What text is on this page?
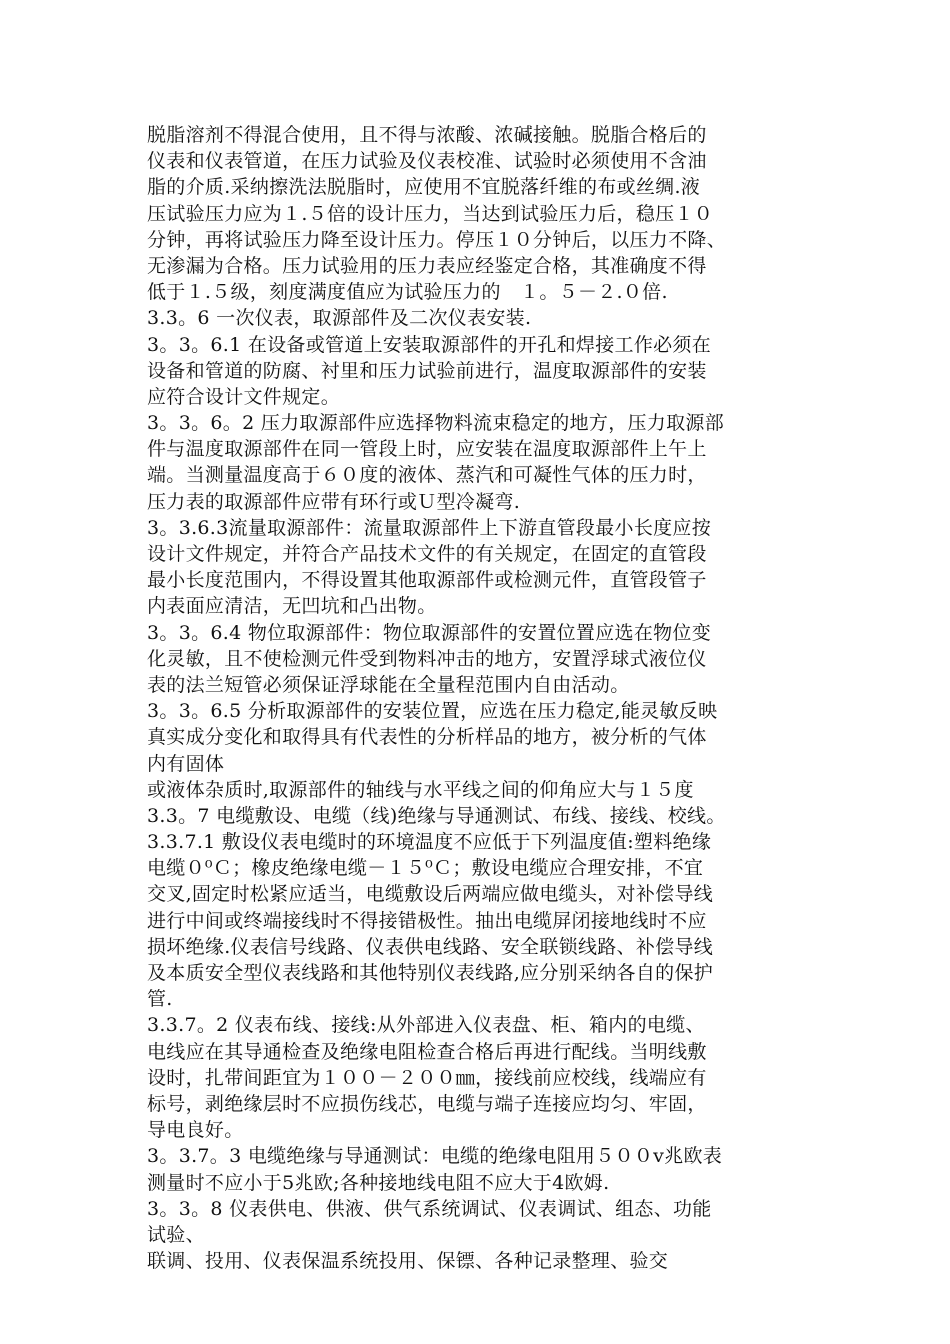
脱脂溶剂不得混合使用，且不得与浓酸、浓碱接触。脱脂合格后的
仪表和仪表管道，在压力试验及仪表校准、试验时必须使用不含油
脂的介质.采纳擦洗法脱脂时，应使用不宜脱落纤维的布或丝绸.液
压试验压力应为１.５倍的设计压力，当达到试验压力后，稳压１０
分钟，再将试验压力降至设计压力。停压１０分钟后，以压力不降、
无渗漏为合格。压力试验用的压力表应经鉴定合格，其准确度不得
低于１.５级，刻度满度值应为试验压力的　１。５－２.０倍.
3.3。6 一次仪表，取源部件及二次仪表安装.
3。3。6.1 在设备或管道上安装取源部件的开孔和焊接工作必须在
设备和管道的防腐、衬里和压力试验前进行，温度取源部件的安装
应符合设计文件规定。
3。3。6。2 压力取源部件应选择物料流束稳定的地方，压力取源部
件与温度取源部件在同一管段上时，应安装在温度取源部件上午上
端。当测量温度高于６０度的液体、蒸汽和可凝性气体的压力时，
压力表的取源部件应带有环行或Ｕ型冷凝弯.
3。3.6.3流量取源部件：流量取源部件上下游直管段最小长度应按
设计文件规定，并符合产品技术文件的有关规定，在固定的直管段
最小长度范围内，不得设置其他取源部件或检测元件，直管段管子
内表面应清洁，无凹坑和凸出物。
3。3。6.4 物位取源部件：物位取源部件的安置位置应选在物位变
化灵敏，且不使检测元件受到物料冲击的地方，安置浮球式液位仪
表的法兰短管必须保证浮球能在全量程范围内自由活动。
3。3。6.5 分析取源部件的安装位置，应选在压力稳定,能灵敏反映
真实成分变化和取得具有代表性的分析样品的地方，被分析的气体
内有固体
或液体杂质时,取源部件的轴线与水平线之间的仰角应大与１５度
3.3。7 电缆敷设、电缆（线)绝缘与导通测试、布线、接线、校线。
3.3.7.1 敷设仪表电缆时的环境温度不应低于下列温度值:塑料绝缘
电缆０⁰Ｃ；橡皮绝缘电缆－１５⁰Ｃ；敷设电缆应合理安排，不宜
交叉,固定时松紧应适当，电缆敷设后两端应做电缆头，对补偿导线
进行中间或终端接线时不得接错极性。抽出电缆屏闭接地线时不应
损坏绝缘.仪表信号线路、仪表供电线路、安全联锁线路、补偿导线
及本质安全型仪表线路和其他特别仪表线路,应分别采纳各自的保护
管.
3.3.7。2 仪表布线、接线:从外部进入仪表盘、柜、箱内的电缆、
电线应在其导通检查及绝缘电阻检查合格后再进行配线。当明线敷
设时，扎带间距宜为１００－２００㎜，接线前应校线，线端应有
标号，剥绝缘层时不应损伤线芯，电缆与端子连接应均匀、牢固，
导电良好。
3。3.7。3 电缆绝缘与导通测试：电缆的绝缘电阻用５００v兆欧表
测量时不应小于5兆欧;各种接地线电阻不应大于4欧姆.
3。3。8 仪表供电、供液、供气系统调试、仪表调试、组态、功能
试验、
联调、投用、仪表保温系统投用、保镖、各种记录整理、验交
